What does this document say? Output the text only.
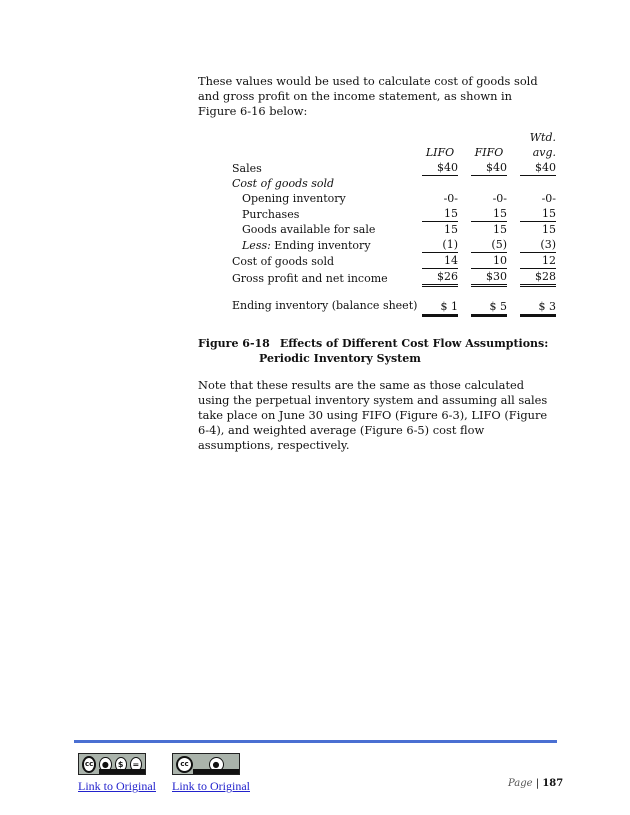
These values would be used to calculate cost of goods sold and gross profit on the income statement, as shown in Figure 6-16 below:

					Wtd.
	LIFO		FIFO		avg.
Sales	$40		$40		$40
Cost of goods sold					
Opening inventory	-0-		-0-		-0-
Purchases	15		15		15
Goods available for sale	15		15		15
Less: Ending inventory	(1)		(5)		(3)
Cost of goods sold	14		10		12
Gross profit and net income	$26		$30		$28

Ending inventory (balance sheet)	$ 1		$ 5		$ 3

Figure 6-18 Effects of Different Cost Flow Assumptions:
Periodic Inventory System

Note that these results are the same as those calculated using the perpetual inventory system and assuming all sales take place on June 30 using FIFO (Figure 6-3), LIFO (Figure 6-4), and weighted average (Figure 6-5) cost flow assumptions, respectively.

cc	●	$	=	cc	●
Link to Original Link to Original	Page | 187
